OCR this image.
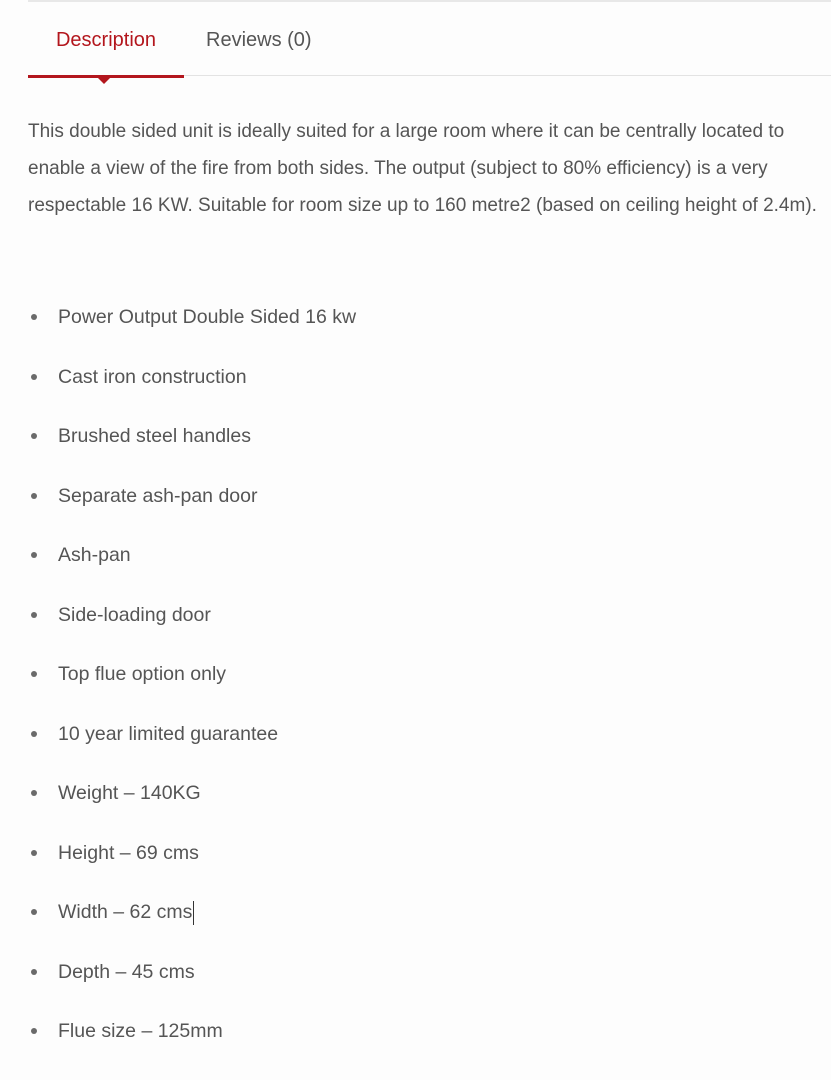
Description	Reviews (0)

This double sided unit is ideally suited for a large room where it can be centrally located to enable a view of the fire from both sides. The output (subject to 80% efficiency) is a very respectable 16 KW. Suitable for room size up to 160 metre2 (based on ceiling height of 2.4m).

Power Output Double Sided 16 kw
Cast iron construction
Brushed steel handles
Separate ash-pan door
Ash-pan
Side-loading door
Top flue option only
10 year limited guarantee
Weight – 140KG
Height – 69 cms
Width – 62 cms
Depth – 45 cms
Flue size – 125mm
